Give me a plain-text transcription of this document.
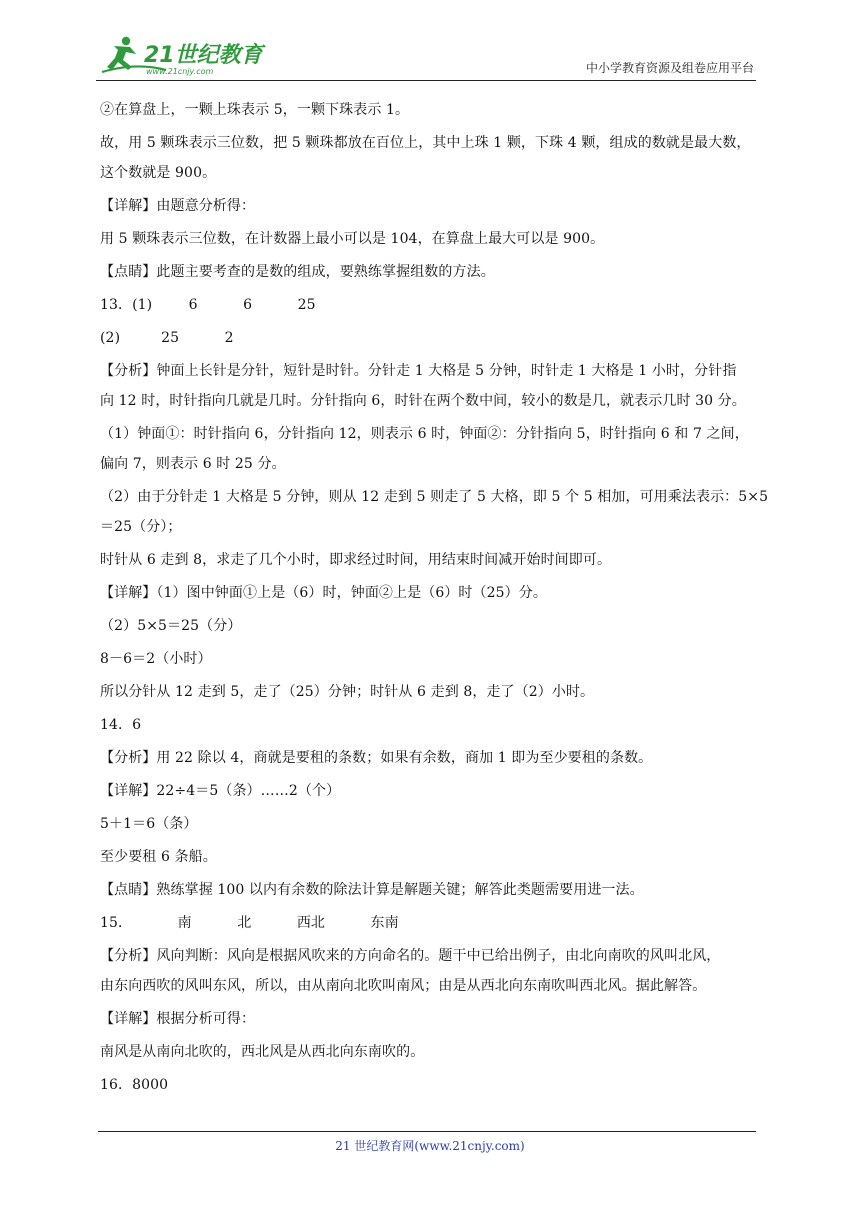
21世纪教育
www.21cnjy.com	中小学教育资源及组卷应用平台
②在算盘上，一颗上珠表示 5，一颗下珠表示 1。
故，用 5 颗珠表示三位数，把 5 颗珠都放在百位上，其中上珠 1 颗，下珠 4 颗，组成的数就是最大数，
这个数就是 900。
【详解】由题意分析得：
用 5 颗珠表示三位数，在计数器上最小可以是 104，在算盘上最大可以是 900。
【点睛】此题主要考查的是数的组成，要熟练掌握组数的方法。
13．(1)        6          6          25
(2)         25          2
【分析】钟面上长针是分针，短针是时针。分针走 1 大格是 5 分钟，时针走 1 大格是 1 小时，分针指
向 12 时，时针指向几就是几时。分针指向 6，时针在两个数中间，较小的数是几，就表示几时 30 分。
（1）钟面①：时针指向 6，分针指向 12，则表示 6 时，钟面②：分针指向 5，时针指向 6 和 7 之间，
偏向 7，则表示 6 时 25 分。
（2）由于分针走 1 大格是 5 分钟，则从 12 走到 5 则走了 5 大格，即 5 个 5 相加，可用乘法表示：5×5
＝25（分）；
时针从 6 走到 8，求走了几个小时，即求经过时间，用结束时间减开始时间即可。
【详解】（1）图中钟面①上是（6）时，钟面②上是（6）时（25）分。
（2）5×5＝25（分）
8－6＝2（小时）
所以分针从 12 走到 5，走了（25）分钟；时针从 6 走到 8，走了（2）小时。
14．6
【分析】用 22 除以 4，商就是要租的条数；如果有余数，商加 1 即为至少要租的条数。
【详解】22÷4＝5（条）……2（个）
5＋1＝6（条）
至少要租 6 条船。
【点睛】熟练掌握 100 以内有余数的除法计算是解题关键；解答此类题需要用进一法。
15．          南          北          西北          东南
【分析】风向判断：风向是根据风吹来的方向命名的。题干中已给出例子，由北向南吹的风叫北风，
由东向西吹的风叫东风，所以，由从南向北吹叫南风；由是从西北向东南吹叫西北风。据此解答。
【详解】根据分析可得：
南风是从南向北吹的，西北风是从西北向东南吹的。
16．8000
21 世纪教育网(www.21cnjy.com)
